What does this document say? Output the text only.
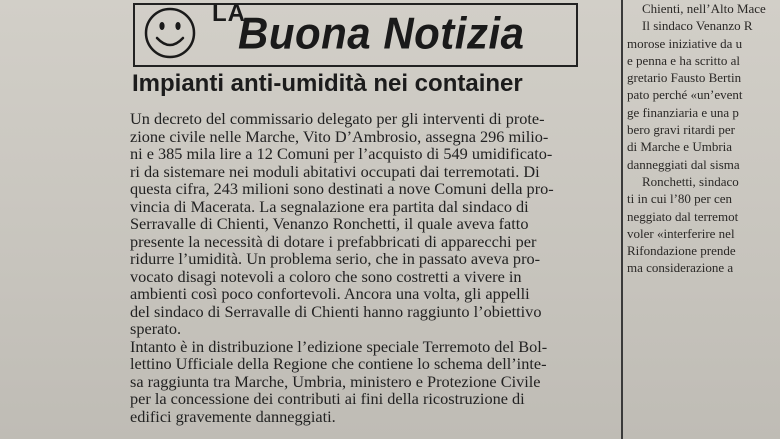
LA
Buona Notizia
Impianti anti-umidità nei container
Un decreto del commissario delegato per gli interventi di prote-
zione civile nelle Marche, Vito D’Ambrosio, assegna 296 milio-
ni e 385 mila lire a 12 Comuni per l’acquisto di 549 umidificato-
ri da sistemare nei moduli abitativi occupati dai terremotati. Di
questa cifra, 243 milioni sono destinati a nove Comuni della pro-
vincia di Macerata. La segnalazione era partita dal sindaco di
Serravalle di Chienti, Venanzo Ronchetti, il quale aveva fatto
presente la necessità di dotare i prefabbricati di apparecchi per
ridurre l’umidità. Un problema serio, che in passato aveva pro-
vocato disagi notevoli a coloro che sono costretti a vivere in
ambienti così poco confortevoli. Ancora una volta, gli appelli
del sindaco di Serravalle di Chienti hanno raggiunto l’obiettivo
sperato.
Intanto è in distribuzione l’edizione speciale Terremoto del Bol-
lettino Ufficiale della Regione che contiene lo schema dell’inte-
sa raggiunta tra Marche, Umbria, ministero e Protezione Civile
per la concessione dei contributi ai fini della ricostruzione di
edifici gravemente danneggiati.
Chienti, nell’Alto Mace
Il sindaco Venanzo R
morose iniziative da u
e penna e ha scritto al
gretario Fausto Bertin
pato perché «un’event
ge finanziaria e una p
bero gravi ritardi per
di Marche e Umbria
danneggiati dal sisma
Ronchetti, sindaco
ti in cui l’80 per cen
neggiato dal terremot
voler «interferire nel
Rifondazione prende
ma considerazione a
